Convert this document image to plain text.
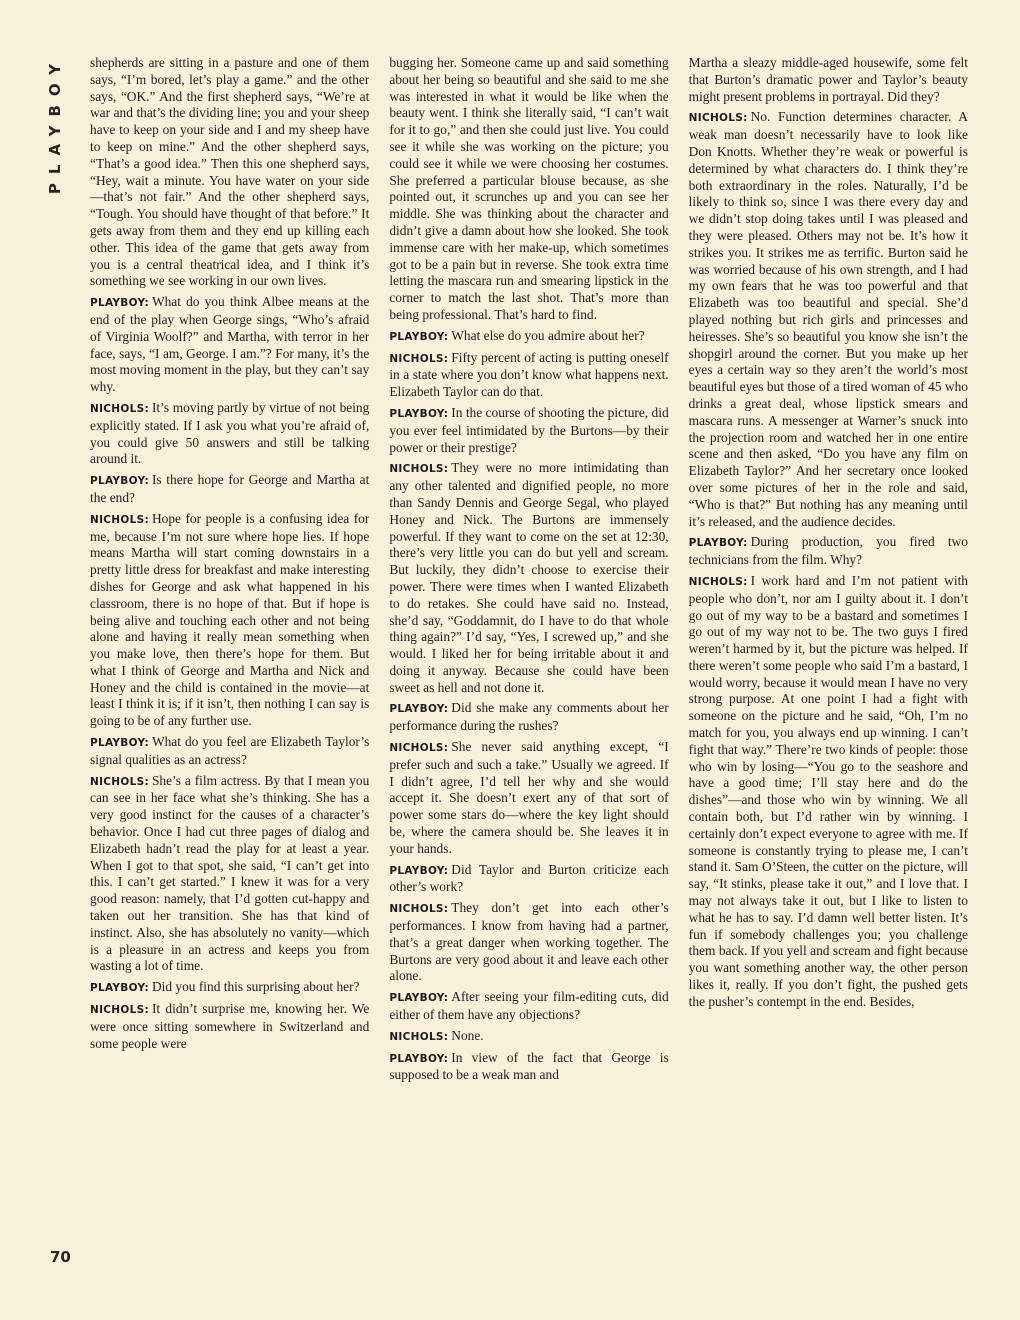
PLAYBOY shepherds are sitting in a pasture and one of them says, “I’m bored, let’s play a game.” and the other says, “OK.” And the first shepherd says, “We’re at war and that’s the dividing line; you and your sheep have to keep on your side and I and my sheep have to keep on mine.” And the other shepherd says, “That’s a good idea.” Then this one shepherd says, “Hey, wait a minute. You have water on your side—that’s not fair.” And the other shepherd says, “Tough. You should have thought of that before.” It gets away from them and they end up killing each other. This idea of the game that gets away from you is a central theatrical idea, and I think it’s something we see working in our own lives.

PLAYBOY: What do you think Albee means at the end of the play when George sings, “Who’s afraid of Virginia Woolf?” and Martha, with terror in her face, says, “I am, George. I am.”? For many, it’s the most moving moment in the play, but they can’t say why.

NICHOLS: It’s moving partly by virtue of not being explicitly stated. If I ask you what you’re afraid of, you could give 50 answers and still be talking around it.

PLAYBOY: Is there hope for George and Martha at the end?

NICHOLS: Hope for people is a confusing idea for me, because I’m not sure where hope lies. If hope means Martha will start coming downstairs in a pretty little dress for breakfast and make interesting dishes for George and ask what happened in his classroom, there is no hope of that. But if hope is being alive and touching each other and not being alone and having it really mean something when you make love, then there’s hope for them. But what I think of George and Martha and Nick and Honey and the child is contained in the movie—at least I think it is; if it isn’t, then nothing I can say is going to be of any further use.

PLAYBOY: What do you feel are Elizabeth Taylor’s signal qualities as an actress?

NICHOLS: She’s a film actress. By that I mean you can see in her face what she’s thinking. She has a very good instinct for the causes of a character’s behavior. Once I had cut three pages of dialog and Elizabeth hadn’t read the play for at least a year. When I got to that spot, she said, “I can’t get into this. I can’t get started.” I knew it was for a very good reason: namely, that I’d gotten cut-happy and taken out her transition. She has that kind of instinct. Also, she has absolutely no vanity—which is a pleasure in an actress and keeps you from wasting a lot of time.

PLAYBOY: Did you find this surprising about her?

NICHOLS: It didn’t surprise me, knowing her. We were once sitting somewhere in Switzerland and some people were

bugging her. Someone came up and said something about her being so beautiful and she said to me she was interested in what it would be like when the beauty went. I think she literally said, “I can’t wait for it to go,” and then she could just live. You could see it while she was working on the picture; you could see it while we were choosing her costumes. She preferred a particular blouse because, as she pointed out, it scrunches up and you can see her middle. She was thinking about the character and didn’t give a damn about how she looked. She took immense care with her make-up, which sometimes got to be a pain but in reverse. She took extra time letting the mascara run and smearing lipstick in the corner to match the last shot. That’s more than being professional. That’s hard to find.

PLAYBOY: What else do you admire about her?

NICHOLS: Fifty percent of acting is putting oneself in a state where you don’t know what happens next. Elizabeth Taylor can do that.

PLAYBOY: In the course of shooting the picture, did you ever feel intimidated by the Burtons—by their power or their prestige?

NICHOLS: They were no more intimidating than any other talented and dignified people, no more than Sandy Dennis and George Segal, who played Honey and Nick. The Burtons are immensely powerful. If they want to come on the set at 12:30, there’s very little you can do but yell and scream. But luckily, they didn’t choose to exercise their power. There were times when I wanted Elizabeth to do retakes. She could have said no. Instead, she’d say, “Goddamnit, do I have to do that whole thing again?” I’d say, “Yes, I screwed up,” and she would. I liked her for being irritable about it and doing it anyway. Because she could have been sweet as hell and not done it.

PLAYBOY: Did she make any comments about her performance during the rushes?

NICHOLS: She never said anything except, “I prefer such and such a take.” Usually we agreed. If I didn’t agree, I’d tell her why and she would accept it. She doesn’t exert any of that sort of power some stars do—where the key light should be, where the camera should be. She leaves it in your hands.

PLAYBOY: Did Taylor and Burton criticize each other’s work?

NICHOLS: They don’t get into each other’s performances. I know from having had a partner, that’s a great danger when working together. The Burtons are very good about it and leave each other alone.

PLAYBOY: After seeing your film-editing cuts, did either of them have any objections?

NICHOLS: None.

PLAYBOY: In view of the fact that George is supposed to be a weak man and

Martha a sleazy middle-aged housewife, some felt that Burton’s dramatic power and Taylor’s beauty might present problems in portrayal. Did they?

NICHOLS: No. Function determines character. A weak man doesn’t necessarily have to look like Don Knotts. Whether they’re weak or powerful is determined by what characters do. I think they’re both extraordinary in the roles. Naturally, I’d be likely to think so, since I was there every day and we didn’t stop doing takes until I was pleased and they were pleased. Others may not be. It’s how it strikes you. It strikes me as terrific. Burton said he was worried because of his own strength, and I had my own fears that he was too powerful and that Elizabeth was too beautiful and special. She’d played nothing but rich girls and princesses and heiresses. She’s so beautiful you know she isn’t the shopgirl around the corner. But you make up her eyes a certain way so they aren’t the world’s most beautiful eyes but those of a tired woman of 45 who drinks a great deal, whose lipstick smears and mascara runs. A messenger at Warner’s snuck into the projection room and watched her in one entire scene and then asked, “Do you have any film on Elizabeth Taylor?” And her secretary once looked over some pictures of her in the role and said, “Who is that?” But nothing has any meaning until it’s released, and the audience decides.

PLAYBOY: During production, you fired two technicians from the film. Why?

NICHOLS: I work hard and I’m not patient with people who don’t, nor am I guilty about it. I don’t go out of my way to be a bastard and sometimes I go out of my way not to be. The two guys I fired weren’t harmed by it, but the picture was helped. If there weren’t some people who said I’m a bastard, I would worry, because it would mean I have no very strong purpose. At one point I had a fight with someone on the picture and he said, “Oh, I’m no match for you, you always end up winning. I can’t fight that way.” There’re two kinds of people: those who win by losing—“You go to the seashore and have a good time; I’ll stay here and do the dishes”—and those who win by winning. We all contain both, but I’d rather win by winning. I certainly don’t expect everyone to agree with me. If someone is constantly trying to please me, I can’t stand it. Sam O’Steen, the cutter on the picture, will say, “It stinks, please take it out,” and I love that. I may not always take it out, but I like to listen to what he has to say. I’d damn well better listen. It’s fun if somebody challenges you; you challenge them back. If you yell and scream and fight because you want something another way, the other person likes it, really. If you don’t fight, the pushed gets the pusher’s contempt in the end. Besides,

70
